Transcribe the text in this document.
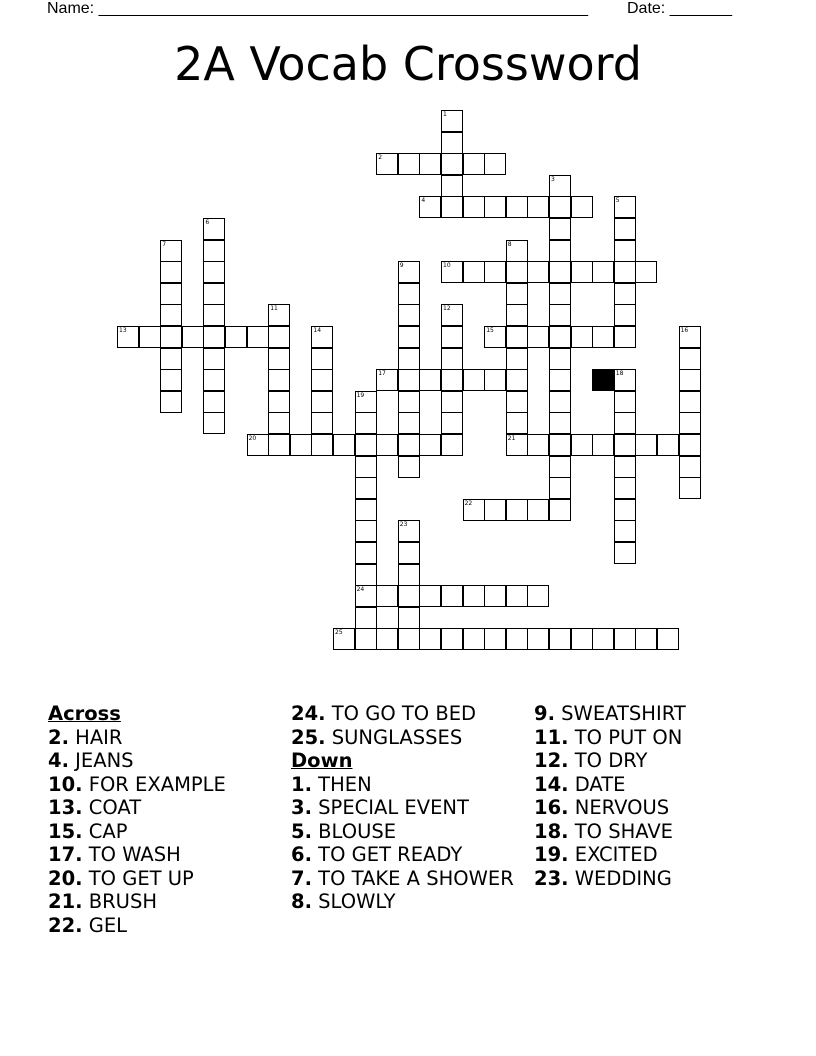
Name: _______________________________________________________ Date: _______
2A Vocab Crossword
1
2
3
4	5
6
7	8
21
9	10
11	12
13	14	15	16
17	18
19
24
20
22
23
25
Across
2. HAIR
4. JEANS
10. FOR EXAMPLE
13. COAT
15. CAP
17. TO WASH
20. TO GET UP
21. BRUSH
22. GEL
24. TO GO TO BED
25. SUNGLASSES
Down
1. THEN
3. SPECIAL EVENT
5. BLOUSE
6. TO GET READY
7. TO TAKE A SHOWER
8. SLOWLY
9. SWEATSHIRT
11. TO PUT ON
12. TO DRY
14. DATE
16. NERVOUS
18. TO SHAVE
19. EXCITED
23. WEDDING
